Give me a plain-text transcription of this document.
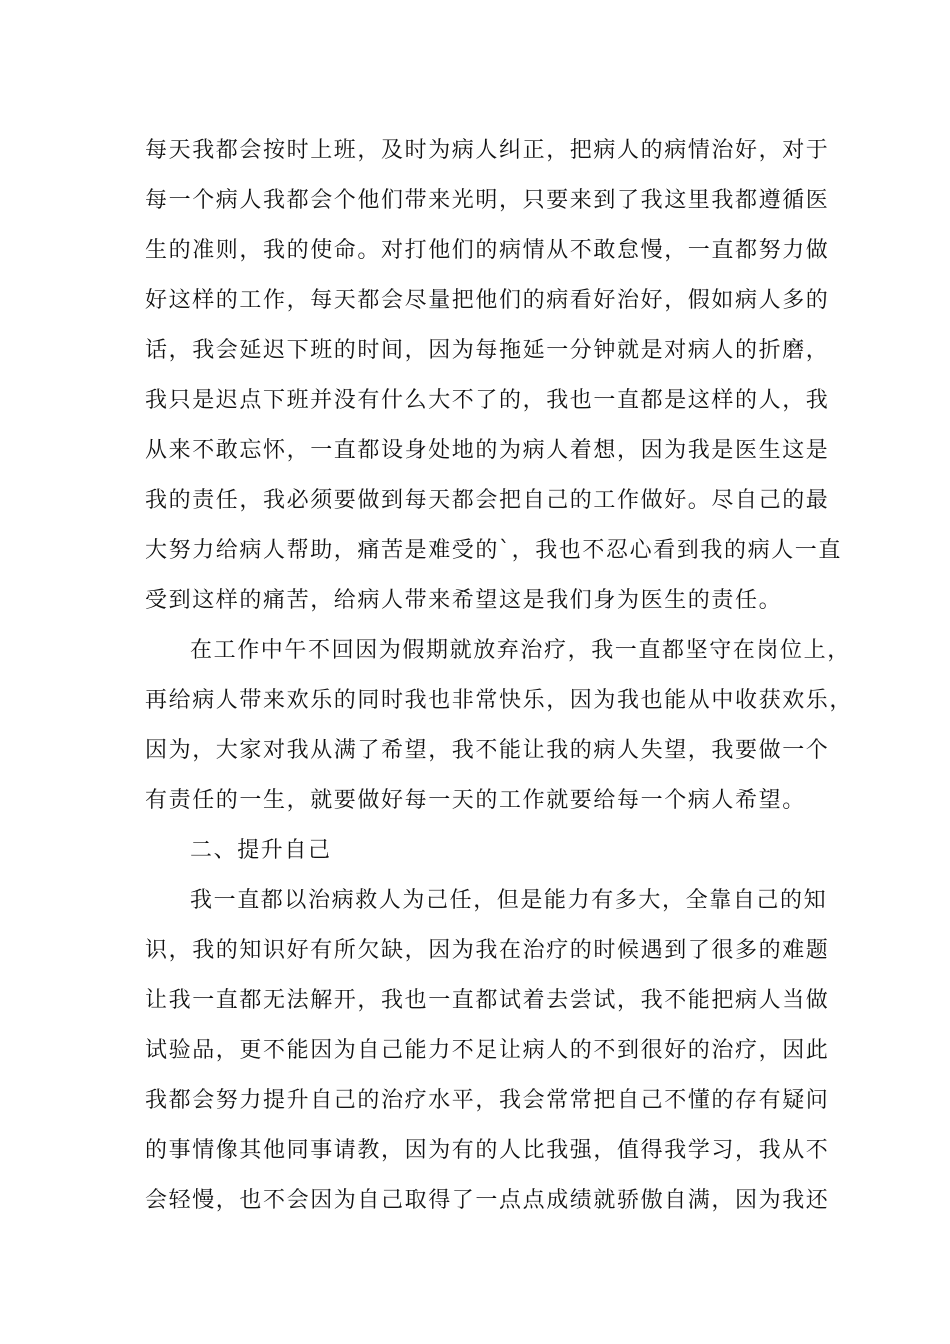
每天我都会按时上班，及时为病人纠正，把病人的病情治好，对于
每一个病人我都会个他们带来光明，只要来到了我这里我都遵循医
生的准则，我的使命。对打他们的病情从不敢怠慢，一直都努力做
好这样的工作，每天都会尽量把他们的病看好治好，假如病人多的
话，我会延迟下班的时间，因为每拖延一分钟就是对病人的折磨，
我只是迟点下班并没有什么大不了的，我也一直都是这样的人，我
从来不敢忘怀，一直都设身处地的为病人着想，因为我是医生这是
我的责任，我必须要做到每天都会把自己的工作做好。尽自己的最
大努力给病人帮助，痛苦是难受的`，我也不忍心看到我的病人一直
受到这样的痛苦，给病人带来希望这是我们身为医生的责任。
在工作中午不回因为假期就放弃治疗，我一直都坚守在岗位上，
再给病人带来欢乐的同时我也非常快乐，因为我也能从中收获欢乐，
因为，大家对我从满了希望，我不能让我的病人失望，我要做一个
有责任的一生，就要做好每一天的工作就要给每一个病人希望。
二、提升自己
我一直都以治病救人为己任，但是能力有多大，全靠自己的知
识，我的知识好有所欠缺，因为我在治疗的时候遇到了很多的难题
让我一直都无法解开，我也一直都试着去尝试，我不能把病人当做
试验品，更不能因为自己能力不足让病人的不到很好的治疗，因此
我都会努力提升自己的治疗水平，我会常常把自己不懂的存有疑问
的事情像其他同事请教，因为有的人比我强，值得我学习，我从不
会轻慢，也不会因为自己取得了一点点成绩就骄傲自满，因为我还
